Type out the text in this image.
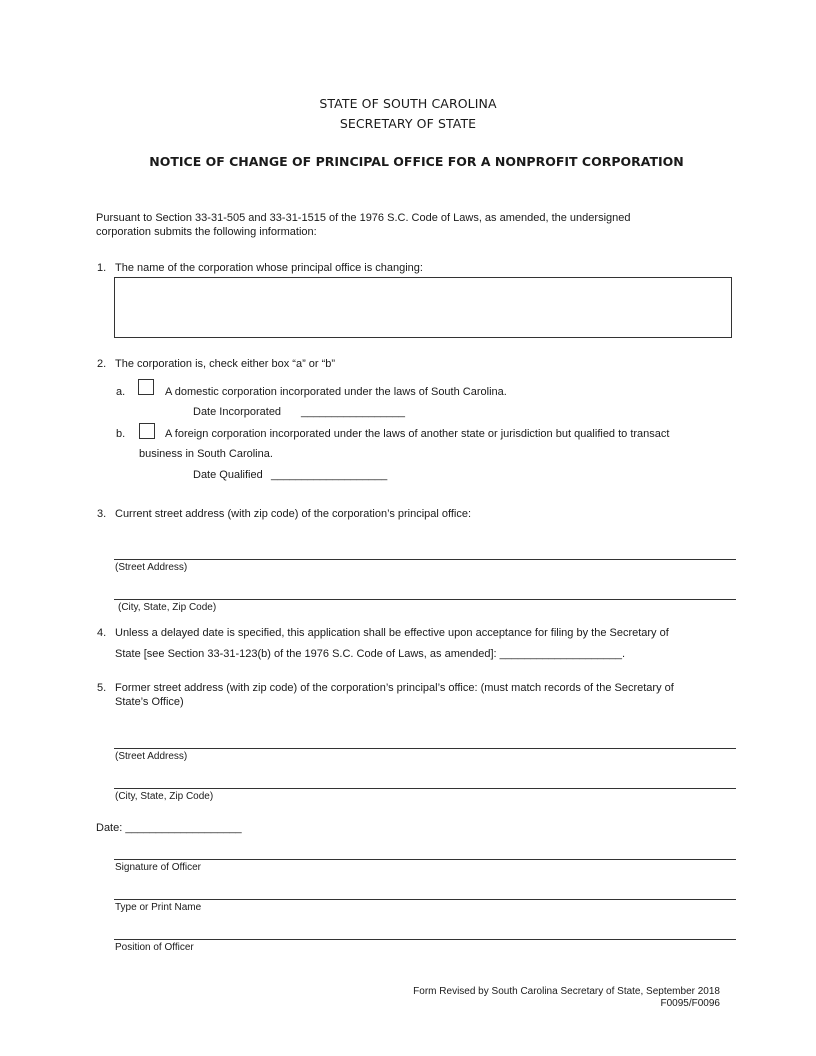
STATE OF SOUTH CAROLINA
SECRETARY OF STATE
NOTICE OF CHANGE OF PRINCIPAL OFFICE FOR A NONPROFIT CORPORATION
Pursuant to Section 33-31-505 and 33-31-1515 of the 1976 S.C. Code of Laws, as amended, the undersigned
corporation submits the following information:
1. The name of the corporation whose principal office is changing:
2. The corporation is, check either box “a” or “b”
a.	A domestic corporation incorporated under the laws of South Carolina.
Date Incorporated _________________
b.	A foreign corporation incorporated under the laws of another state or jurisdiction but qualified to transact
business in South Carolina.
Date Qualified ___________________
3. Current street address (with zip code) of the corporation’s principal office:
(Street Address)
(City, State, Zip Code)
4. Unless a delayed date is specified, this application shall be effective upon acceptance for filing by the Secretary of
State [see Section 33-31-123(b) of the 1976 S.C. Code of Laws, as amended]: ____________________.
5. Former street address (with zip code) of the corporation’s principal’s office: (must match records of the Secretary of
State’s Office)
(Street Address)
(City, State, Zip Code)
Date: ___________________
Signature of Officer
Type or Print Name
Position of Officer
Form Revised by South Carolina Secretary of State, September 2018
F0095/F0096
